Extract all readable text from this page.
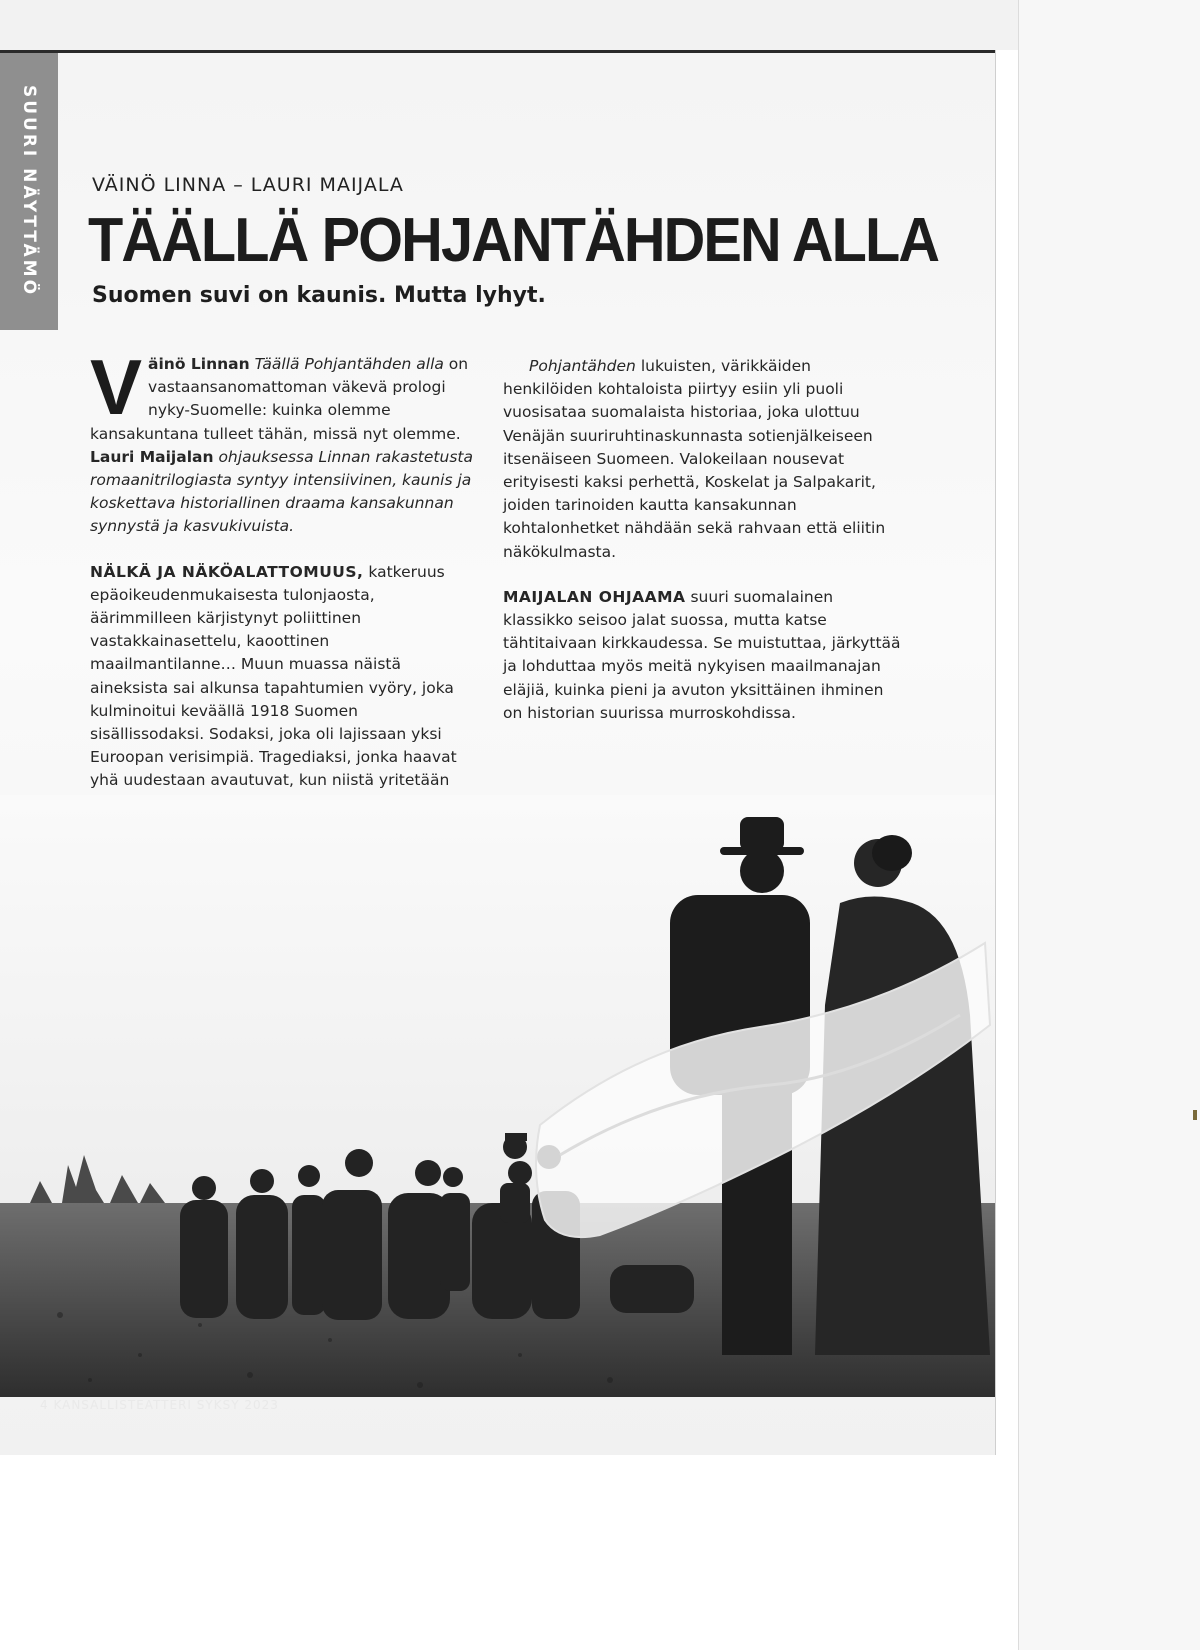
SUURI NÄYTTÄMÖ	VÄINÖ LINNA – LAURI MAIJALA
TÄÄLLÄ POHJANTÄHDEN ALLA
Suomen suvi on kaunis. Mutta lyhyt.

Väinö Linnan Täällä Pohjantähden alla on vastaansanomattoman väkevä prologi nyky-Suomelle: kuinka olemme kansakuntana tulleet tähän, missä nyt olemme. Lauri Maijalan ohjauksessa Linnan rakastetusta romaanitrilogiasta syntyy intensiivinen, kaunis ja koskettava historiallinen draama kansakunnan synnystä ja kasvukivuista.

NÄLKÄ JA NÄKÖALATTOMUUS, katkeruus epäoikeudenmukaisesta tulonjaosta, äärimmilleen kärjistynyt poliittinen vastakkainasettelu, kaoottinen maailmantilanne… Muun muassa näistä aineksista sai alkunsa tapahtumien vyöry, joka kulminoitui keväällä 1918 Suomen sisällissodaksi. Sodaksi, joka oli lajissaan yksi Euroopan verisimpiä. Tragediaksi, jonka haavat yhä uudestaan avautuvat, kun niistä yritetään

Pohjantähden lukuisten, värikkäiden henkilöiden kohtaloista piirtyy esiin yli puoli vuosisataa suomalaista historiaa, joka ulottuu Venäjän suuriruhtinaskunnasta sotienjälkeiseen itsenäiseen Suomeen. Valokeilaan nousevat erityisesti kaksi perhettä, Koskelat ja Salpakarit, joiden tarinoiden kautta kansakunnan kohtalonhetket nähdään sekä rahvaan että eliitin näkökulmasta.

MAIJALAN OHJAAMA suuri suomalainen klassikko seisoo jalat suossa, mutta katse tähtitaivaan kirkkaudessa. Se muistuttaa, järkyttää ja lohduttaa myös meitä nykyisen maailmanajan eläjiä, kuinka pieni ja avuton yksittäinen ihminen on historian suurissa murroskohdissa.

4 KANSALLISTEATTERI SYKSY 2023
